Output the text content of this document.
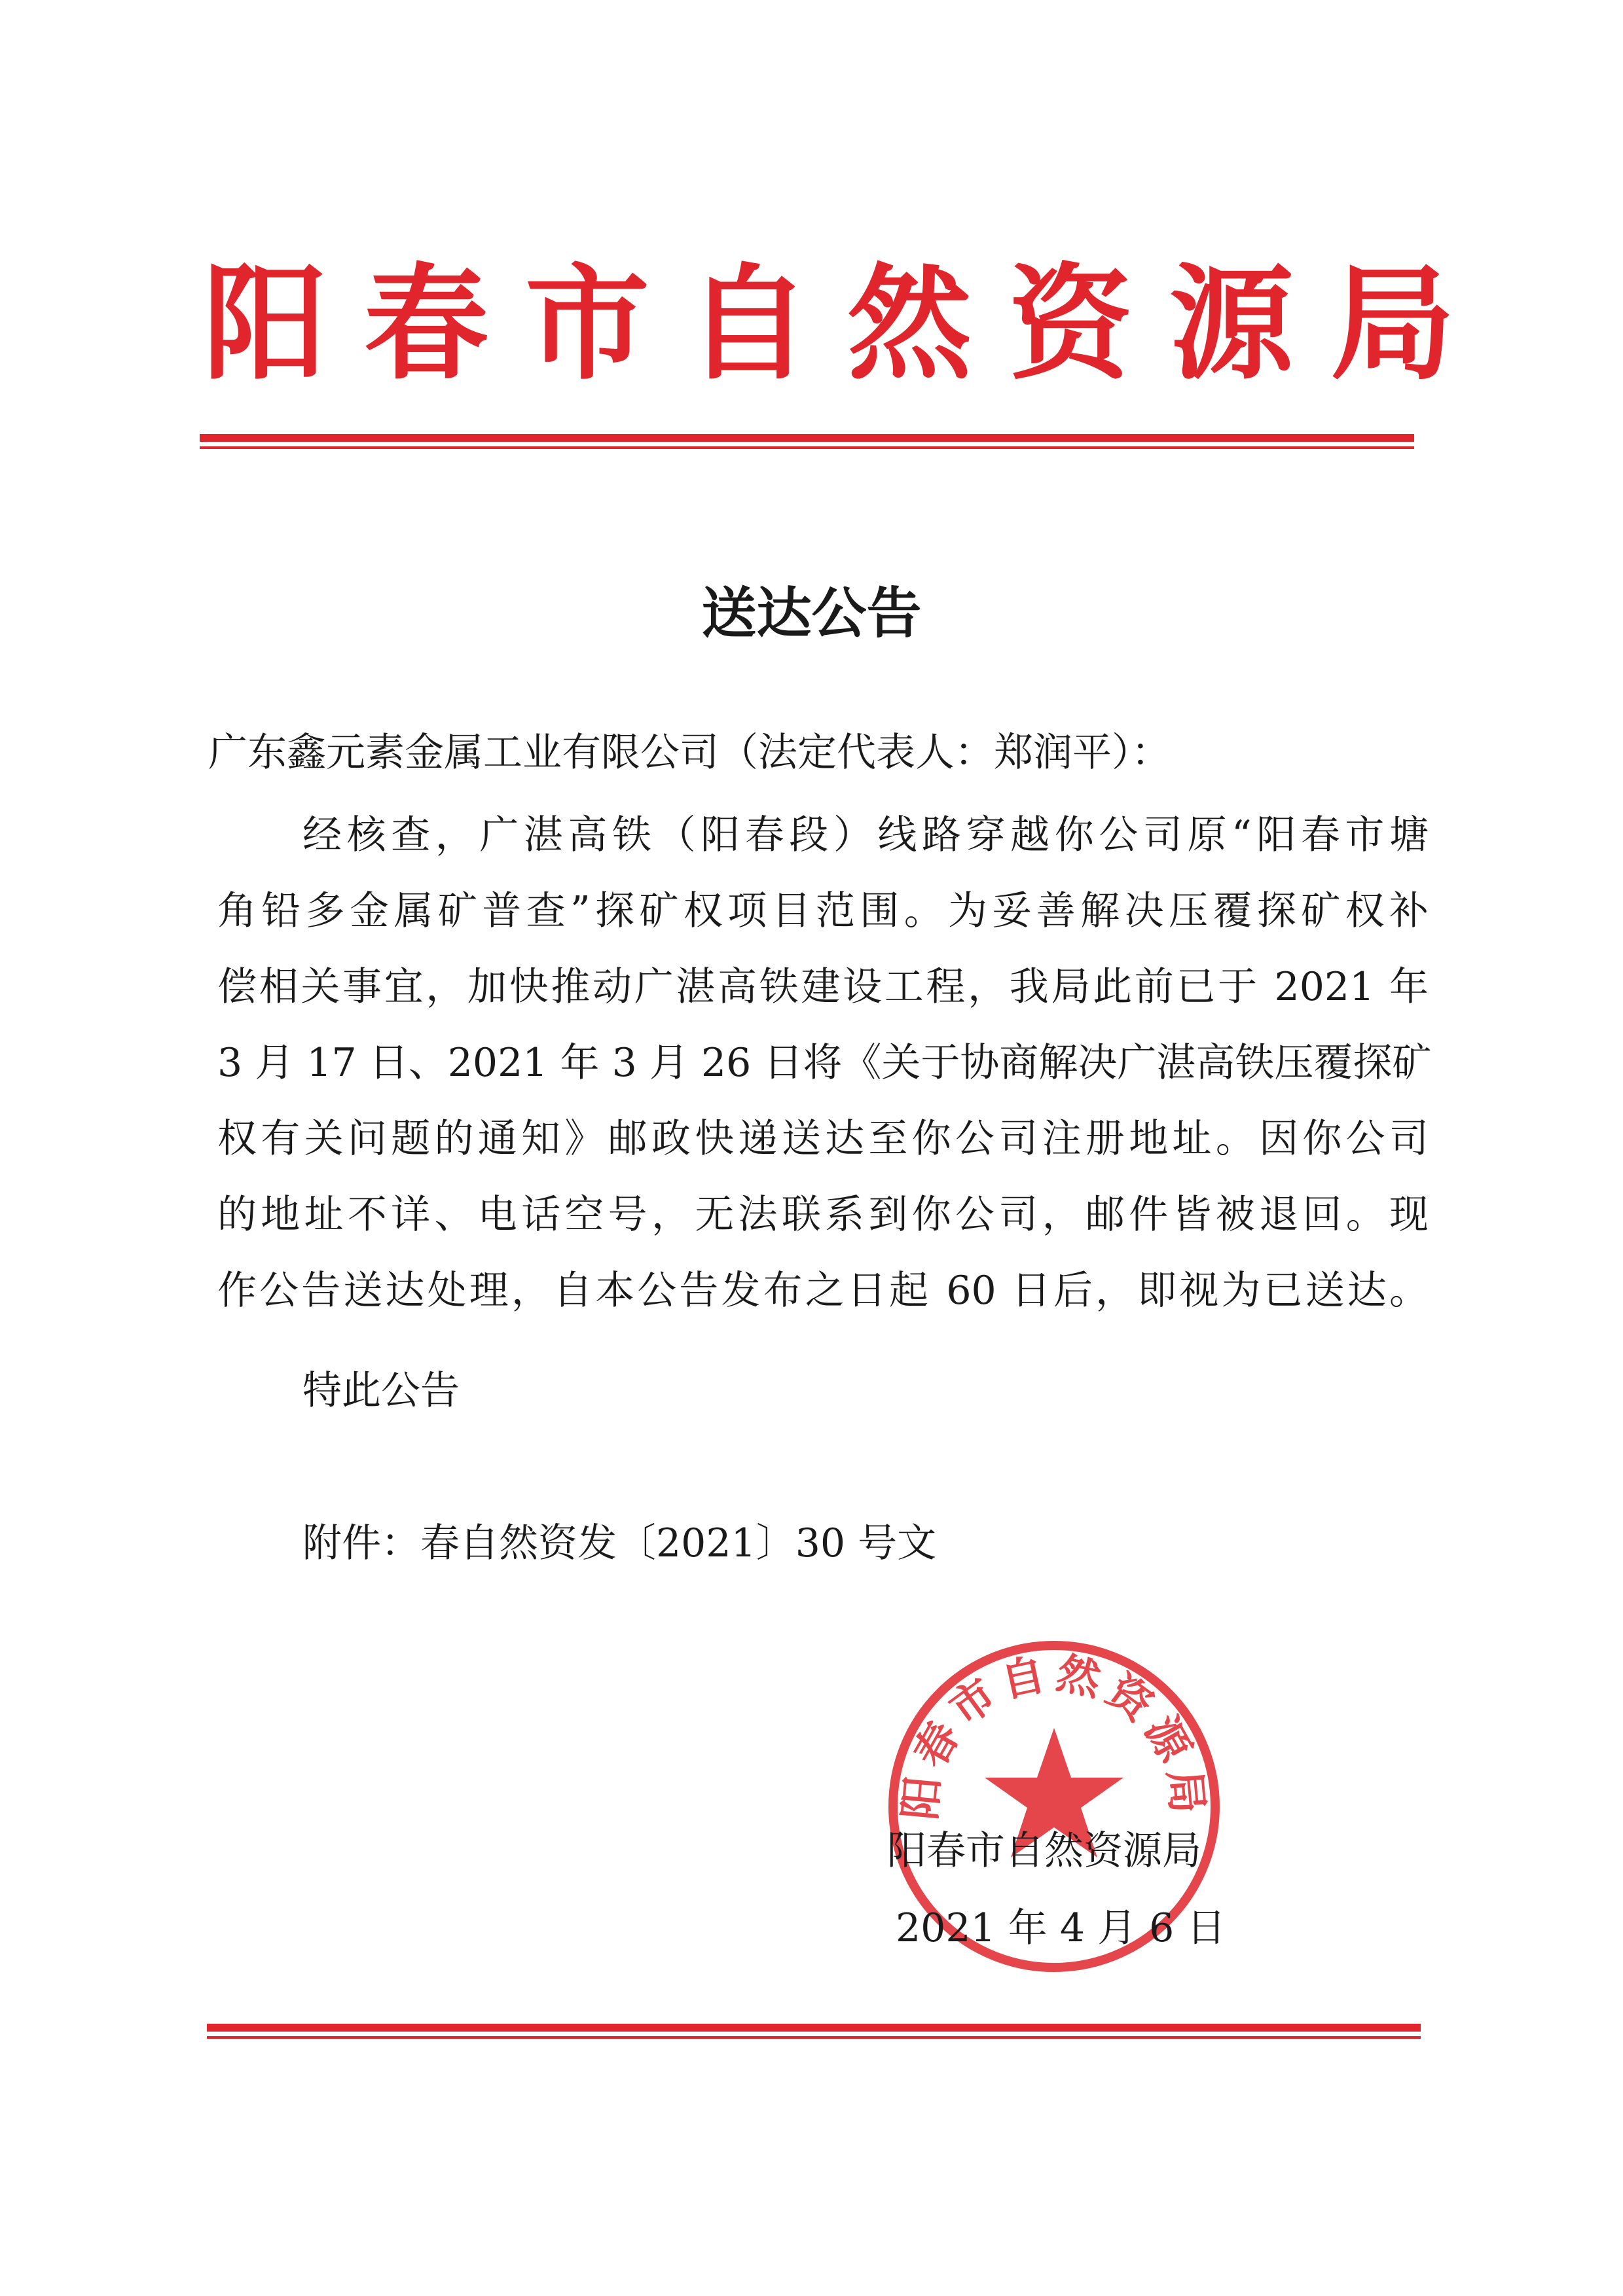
阳春市自然资源局
送达公告
广东鑫元素金属工业有限公司（法定代表人：郑润平）：
经核查，广湛高铁（阳春段）线路穿越你公司原“阳春市塘
角铅多金属矿普查”探矿权项目范围。为妥善解决压覆探矿权补
偿相关事宜，加快推动广湛高铁建设工程，我局此前已于 2021 年
3 月 17 日、2021 年 3 月 26 日将《关于协商解决广湛高铁压覆探矿
权有关问题的通知》邮政快递送达至你公司注册地址。因你公司
的地址不详、电话空号，无法联系到你公司，邮件皆被退回。现
作公告送达处理，自本公告发布之日起 60 日后，即视为已送达。
特此公告
附件：春自然资发〔2021〕30 号文
阳春市自然资源局
阳春市自然资源局
2021 年 4 月 6 日
